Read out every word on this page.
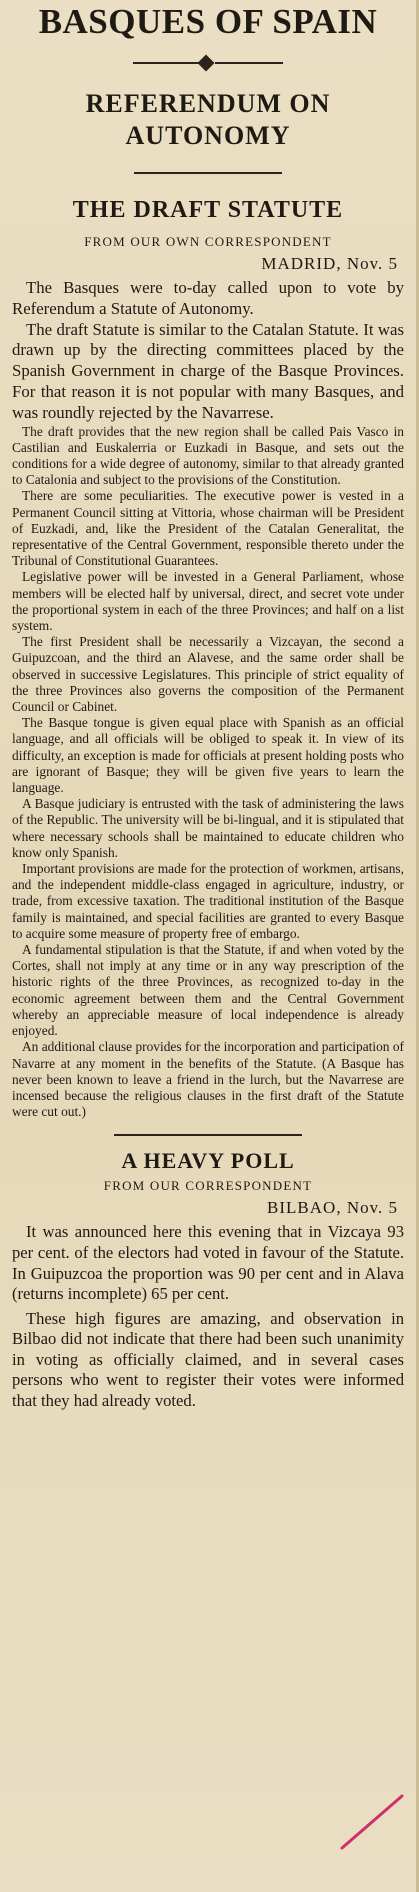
BASQUES OF SPAIN
REFERENDUM ON AUTONOMY
THE DRAFT STATUTE
FROM OUR OWN CORRESPONDENT
MADRID, Nov. 5

The Basques were to-day called upon to vote by Referendum a Statute of Autonomy.

The draft Statute is similar to the Catalan Statute. It was drawn up by the directing committees placed by the Spanish Government in charge of the Basque Provinces. For that reason it is not popular with many Basques, and was roundly rejected by the Navarrese.

The draft provides that the new region shall be called Pais Vasco in Castilian and Euskalerria or Euzkadi in Basque, and sets out the conditions for a wide degree of autonomy, similar to that already granted to Catalonia and subject to the provisions of the Constitution.

There are some peculiarities. The executive power is vested in a Permanent Council sitting at Vittoria, whose chairman will be President of Euzkadi, and, like the President of the Catalan Generalitat, the representative of the Central Government, responsible thereto under the Tribunal of Constitutional Guarantees.

Legislative power will be invested in a General Parliament, whose members will be elected half by universal, direct, and secret vote under the proportional system in each of the three Provinces; and half on a list system.

The first President shall be necessarily a Vizcayan, the second a Guipuzcoan, and the third an Alavese, and the same order shall be observed in successive Legislatures. This principle of strict equality of the three Provinces also governs the composition of the Permanent Council or Cabinet.

The Basque tongue is given equal place with Spanish as an official language, and all officials will be obliged to speak it. In view of its difficulty, an exception is made for officials at present holding posts who are ignorant of Basque; they will be given five years to learn the language.

A Basque judiciary is entrusted with the task of administering the laws of the Republic. The university will be bi-lingual, and it is stipulated that where necessary schools shall be maintained to educate children who know only Spanish.

Important provisions are made for the protection of workmen, artisans, and the independent middle-class engaged in agriculture, industry, or trade, from excessive taxation. The traditional institution of the Basque family is maintained, and special facilities are granted to every Basque to acquire some measure of property free of embargo.

A fundamental stipulation is that the Statute, if and when voted by the Cortes, shall not imply at any time or in any way prescription of the historic rights of the three Provinces, as recognized to-day in the economic agreement between them and the Central Government whereby an appreciable measure of local independence is already enjoyed.

An additional clause provides for the incorporation and participation of Navarre at any moment in the benefits of the Statute. (A Basque has never been known to leave a friend in the lurch, but the Navarrese are incensed because the religious clauses in the first draft of the Statute were cut out.)

A HEAVY POLL
FROM OUR CORRESPONDENT
BILBAO, Nov. 5

It was announced here this evening that in Vizcaya 93 per cent. of the electors had voted in favour of the Statute. In Guipuzcoa the proportion was 90 per cent and in Alava (returns incomplete) 65 per cent.

These high figures are amazing, and observation in Bilbao did not indicate that there had been such unanimity in voting as officially claimed, and in several cases persons who went to register their votes were informed that they had already voted.
